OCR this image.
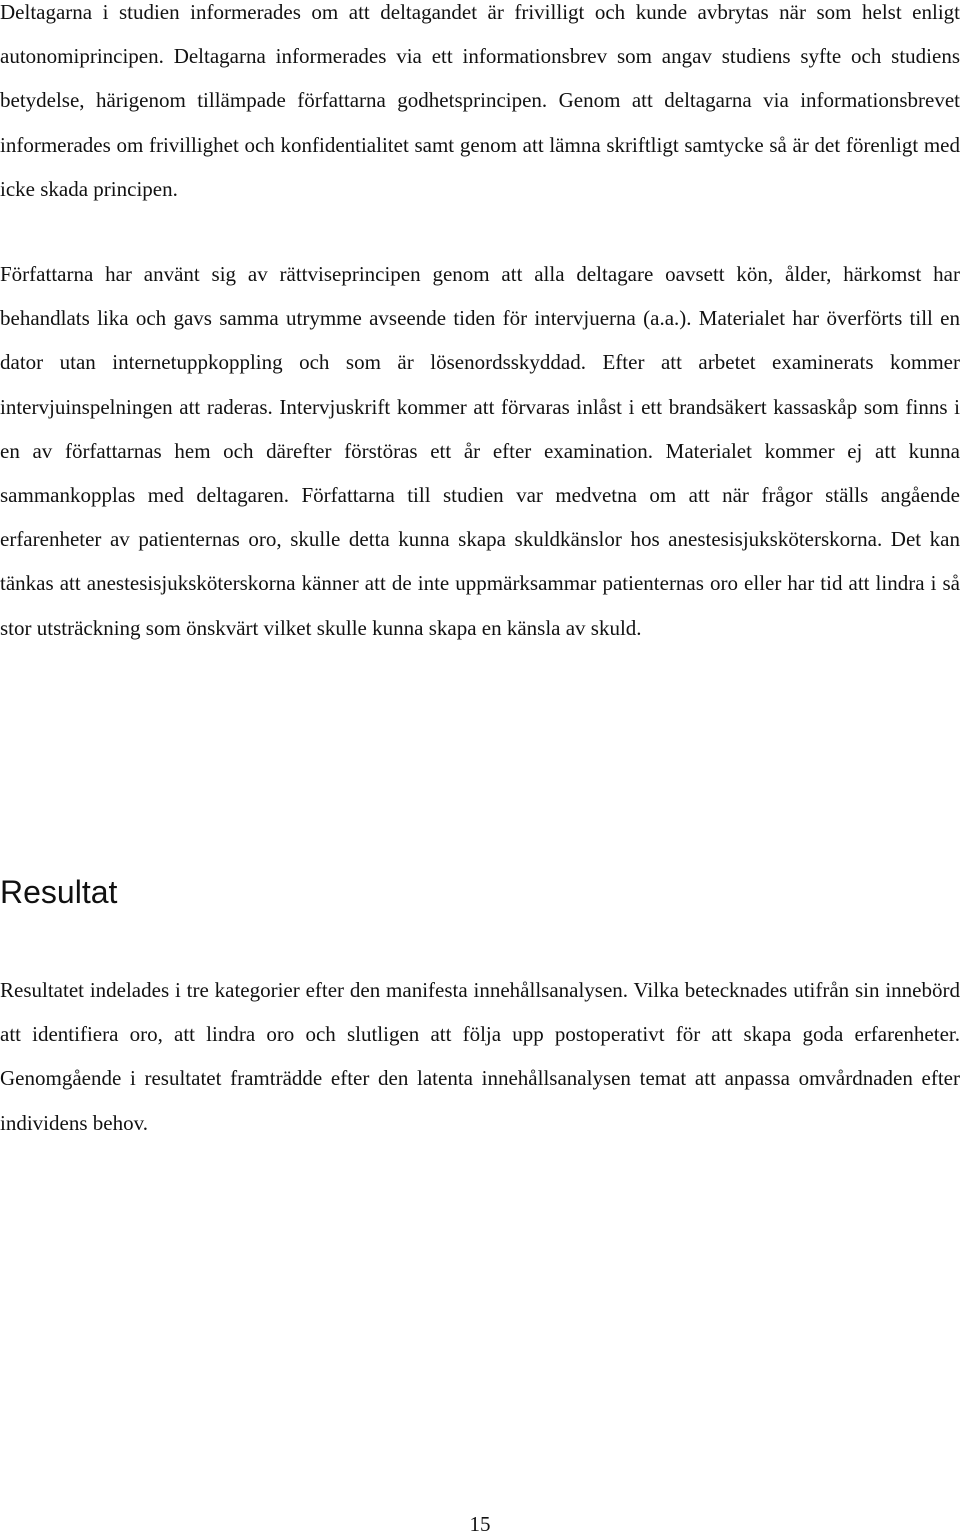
Deltagarna i studien informerades om att deltagandet är frivilligt och kunde avbrytas när som helst enligt autonomiprincipen. Deltagarna informerades via ett informationsbrev som angav studiens syfte och studiens betydelse, härigenom tillämpade författarna godhetsprincipen. Genom att deltagarna via informationsbrevet informerades om frivillighet och konfidentialitet samt genom att lämna skriftligt samtycke så är det förenligt med icke skada principen.

Författarna har använt sig av rättviseprincipen genom att alla deltagare oavsett kön, ålder, härkomst har behandlats lika och gavs samma utrymme avseende tiden för intervjuerna (a.a.). Materialet har överförts till en dator utan internetuppkoppling och som är lösenordsskyddad. Efter att arbetet examinerats kommer intervjuinspelningen att raderas. Intervjuskrift kommer att förvaras inlåst i ett brandsäkert kassaskåp som finns i en av författarnas hem och därefter förstöras ett år efter examination. Materialet kommer ej att kunna sammankopplas med deltagaren. Författarna till studien var medvetna om att när frågor ställs angående erfarenheter av patienternas oro, skulle detta kunna skapa skuldkänslor hos anestesisjuksköterskorna. Det kan tänkas att anestesisjuksköterskorna känner att de inte uppmärksammar patienternas oro eller har tid att lindra i så stor utsträckning som önskvärt vilket skulle kunna skapa en känsla av skuld.

Resultat

Resultatet indelades i tre kategorier efter den manifesta innehållsanalysen. Vilka betecknades utifrån sin innebörd att identifiera oro, att lindra oro och slutligen att följa upp postoperativt för att skapa goda erfarenheter. Genomgående i resultatet framträdde efter den latenta innehållsanalysen temat att anpassa omvårdnaden efter individens behov.

15
